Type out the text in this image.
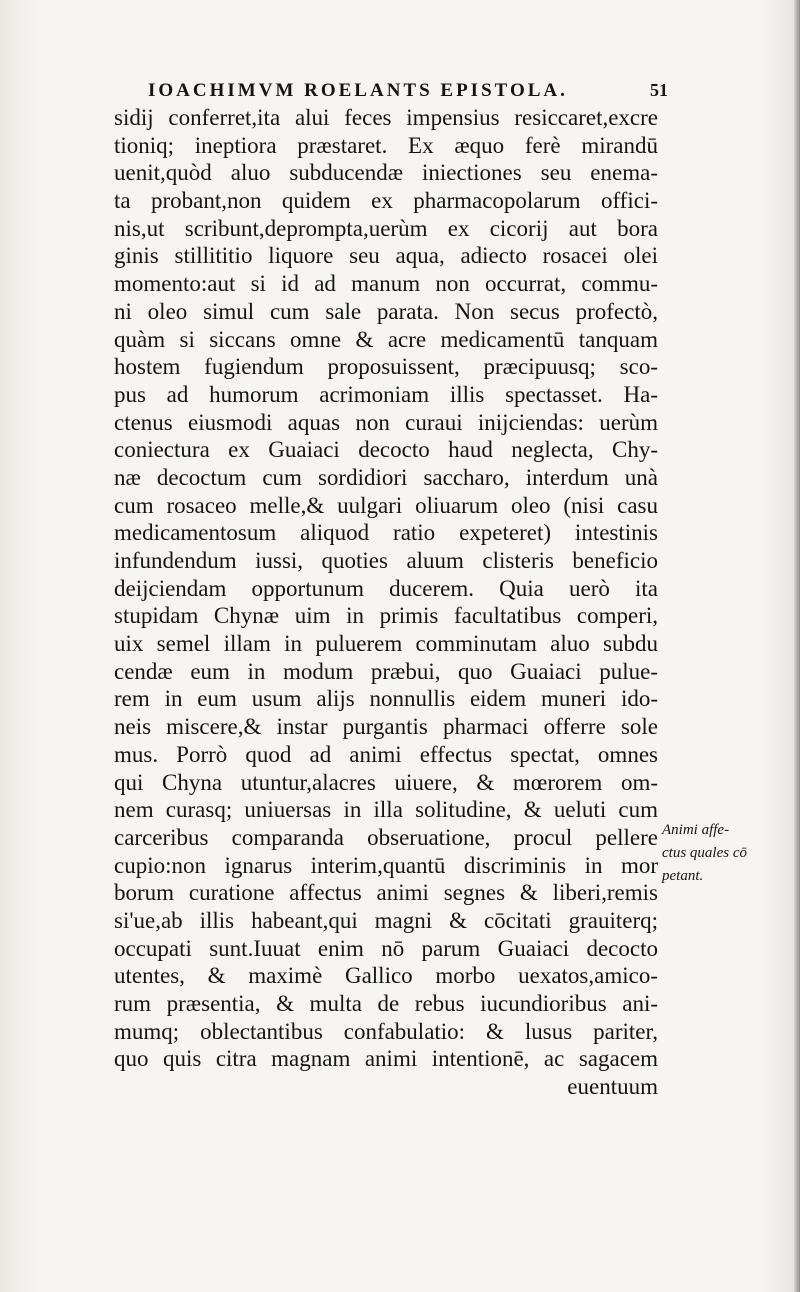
IOACHIMVM ROELANTS EPISTOLA.	51
sidij conferret,ita alui feces impensius resiccaret,excre
tioniq; ineptiora præstaret. Ex æquo ferè mirandū
uenit,quòd aluo subducendæ iniectiones seu enema-
ta probant,non quidem ex pharmacopolarum offici-
nis,ut scribunt,deprompta,uerùm ex cicorij aut bora
ginis stillititio liquore seu aqua, adiecto rosacei olei
momento:aut si id ad manum non occurrat, commu-
ni oleo simul cum sale parata. Non secus profectò,
quàm si siccans omne & acre medicamentū tanquam
hostem fugiendum proposuissent, præcipuusq; sco-
pus ad humorum acrimoniam illis spectasset. Ha-
ctenus eiusmodi aquas non curaui inijciendas: uerùm
coniectura ex Guaiaci decocto haud neglecta, Chy-
næ decoctum cum sordidiori saccharo, interdum unà
cum rosaceo melle,& uulgari oliuarum oleo (nisi casu
medicamentosum aliquod ratio expeteret) intestinis
infundendum iussi, quoties aluum clisteris beneficio
deijciendam opportunum ducerem. Quia uerò ita
stupidam Chynæ uim in primis facultatibus comperi,
uix semel illam in puluerem comminutam aluo subdu
cendæ eum in modum præbui, quo Guaiaci pulue-
rem in eum usum alijs nonnullis eidem muneri ido-
neis miscere,& instar purgantis pharmaci offerre sole
mus. Porrò quod ad animi effectus spectat, omnes
qui Chyna utuntur,alacres uiuere, & mœrorem om-
nem curasq; uniuersas in illa solitudine, & ueluti cum
carceribus comparanda obseruatione, procul pellere
cupio:non ignarus interim,quantū discriminis in mor
borum curatione affectus animi segnes & liberi,remis
si'ue,ab illis habeant,qui magni & cōcitati grauiterq;
occupati sunt.Iuuat enim nō parum Guaiaci decocto
utentes, & maximè Gallico morbo uexatos,amico-
rum præsentia, & multa de rebus iucundioribus ani-
mumq; oblectantibus confabulatio: & lusus pariter,
quo quis citra magnam animi intentionē, ac sagacem
euentuum
Animi affe-
ctus quales cō
petant.
